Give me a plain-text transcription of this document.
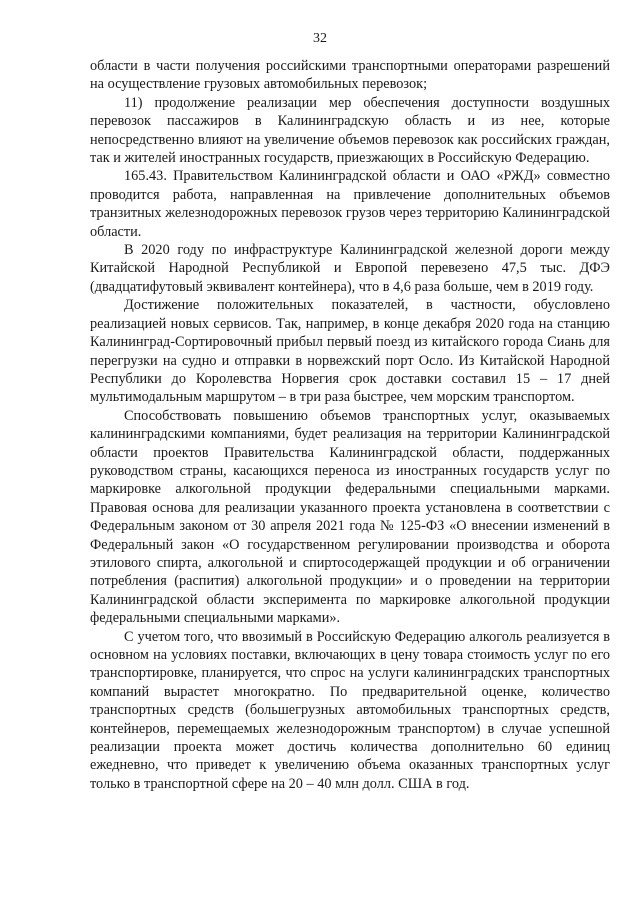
32

области в части получения российскими транспортными операторами разрешений на осуществление грузовых автомобильных перевозок;

11) продолжение реализации мер обеспечения доступности воздушных перевозок пассажиров в Калининградскую область и из нее, которые непосредственно влияют на увеличение объемов перевозок как российских граждан, так и жителей иностранных государств, приезжающих в Российскую Федерацию.

165.43. Правительством Калининградской области и ОАО «РЖД» совместно проводится работа, направленная на привлечение дополнительных объемов транзитных железнодорожных перевозок грузов через территорию Калининградской области.

В 2020 году по инфраструктуре Калининградской железной дороги между Китайской Народной Республикой и Европой перевезено 47,5 тыс. ДФЭ (двадцатифутовый эквивалент контейнера), что в 4,6 раза больше, чем в 2019 году.

Достижение положительных показателей, в частности, обусловлено реализацией новых сервисов. Так, например, в конце декабря 2020 года на станцию Калининград-Сортировочный прибыл первый поезд из китайского города Сиань для перегрузки на судно и отправки в норвежский порт Осло. Из Китайской Народной Республики до Королевства Норвегия срок доставки составил 15 – 17 дней мультимодальным маршрутом – в три раза быстрее, чем морским транспортом.

Способствовать повышению объемов транспортных услуг, оказываемых калининградскими компаниями, будет реализация на территории Калининградской области проектов Правительства Калининградской области, поддержанных руководством страны, касающихся переноса из иностранных государств услуг по маркировке алкогольной продукции федеральными специальными марками. Правовая основа для реализации указанного проекта установлена в соответствии с Федеральным законом от 30 апреля 2021 года № 125-ФЗ «О внесении изменений в Федеральный закон «О государственном регулировании производства и оборота этилового спирта, алкогольной и спиртосодержащей продукции и об ограничении потребления (распития) алкогольной продукции» и о проведении на территории Калининградской области эксперимента по маркировке алкогольной продукции федеральными специальными марками».

С учетом того, что ввозимый в Российскую Федерацию алкоголь реализуется в основном на условиях поставки, включающих в цену товара стоимость услуг по его транспортировке, планируется, что спрос на услуги калининградских транспортных компаний вырастет многократно. По предварительной оценке, количество транспортных средств (большегрузных автомобильных транспортных средств, контейнеров, перемещаемых железнодорожным транспортом) в случае успешной реализации проекта может достичь количества дополнительно 60 единиц ежедневно, что приведет к увеличению объема оказанных транспортных услуг только в транспортной сфере на 20 – 40 млн долл. США в год.
